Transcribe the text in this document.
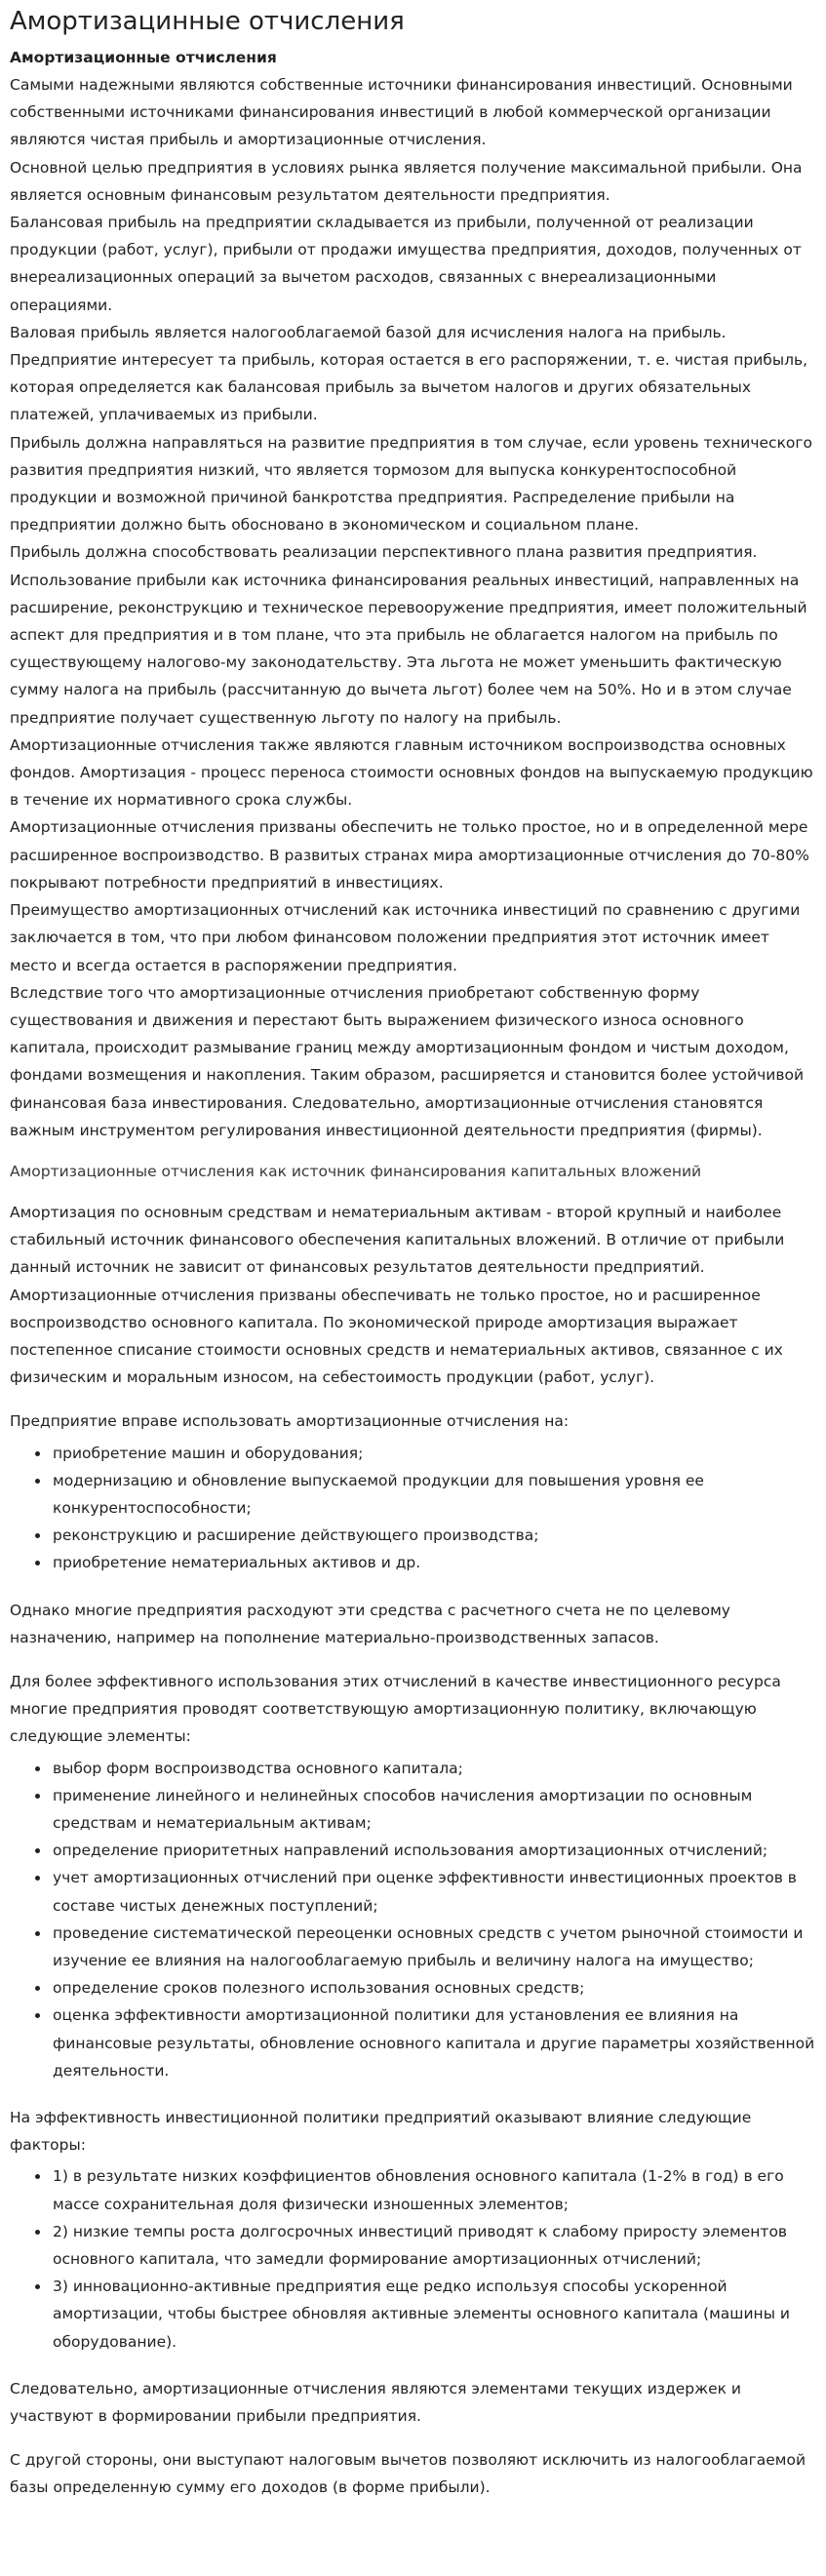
Амортизацинные отчисления
Амортизационные отчисления
Самыми надежными являются собственные источники финансирования инвестиций. Основными собственными источниками финансирования инвестиций в любой коммерческой организации являются чистая прибыль и амортизационные отчисления.
Основной целью предприятия в условиях рынка является получение максимальной прибыли. Она является основным финансовым результатом деятельности предприятия.
Балансовая прибыль на предприятии складывается из прибыли, полученной от реализации продукции (работ, услуг), прибыли от продажи имущества предприятия, доходов, полученных от внереализационных операций за вычетом расходов, связанных с внереализационными операциями.
Валовая прибыль является налогооблагаемой базой для исчисления налога на прибыль. Предприятие интересует та прибыль, которая остается в его распоряжении, т. е. чистая прибыль, которая определяется как балансовая прибыль за вычетом налогов и других обязательных платежей, уплачиваемых из прибыли.
Прибыль должна направляться на развитие предприятия в том случае, если уровень технического развития предприятия низкий, что является тормозом для выпуска конкурентоспособной продукции и возможной причиной банкротства предприятия. Распределение прибыли на предприятии должно быть обосновано в экономическом и социальном плане.
Прибыль должна способствовать реализации перспективного плана развития предприятия. Использование прибыли как источника финансирования реальных инвестиций, направленных на расширение, реконструкцию и техническое перевооружение предприятия, имеет положительный аспект для предприятия и в том плане, что эта прибыль не облагается налогом на прибыль по существующему налогово-му законодательству. Эта льгота не может уменьшить фактическую сумму налога на прибыль (рассчитанную до вычета льгот) более чем на 50%. Но и в этом случае предприятие получает существенную льготу по налогу на прибыль.
Амортизационные отчисления также являются главным источником воспроизводства основных фондов. Амортизация - процесс переноса стоимости основных фондов на выпускаемую продукцию в течение их нормативного срока службы.
Амортизационные отчисления призваны обеспечить не только простое, но и в определенной мере расширенное воспроизводство. В развитых странах мира амортизационные отчисления до 70-80% покрывают потребности предприятий в инвестициях.
Преимущество амортизационных отчислений как источника инвестиций по сравнению с другими заключается в том, что при любом финансовом положении предприятия этот источник имеет место и всегда остается в распоряжении предприятия.
Вследствие того что амортизационные отчисления приобретают собственную форму существования и движения и перестают быть выражением физического износа основного капитала, происходит размывание границ между амортизационным фондом и чистым доходом, фондами возмещения и накопления. Таким образом, расширяется и становится более устойчивой финансовая база инвестирования. Следовательно, амортизационные отчисления становятся важным инструментом регулирования инвестиционной деятельности предприятия (фирмы).
Амортизационные отчисления как источник финансирования капитальных вложений
Амортизация по основным средствам и нематериальным активам - второй крупный и наиболее стабильный источник финансового обеспечения капитальных вложений. В отличие от прибыли данный источник не зависит от финансовых результатов деятельности предприятий. Амортизационные отчисления призваны обеспечивать не только простое, но и расширенное воспроизводство основного капитала. По экономической природе амортизация выражает постепенное списание стоимости основных средств и нематериальных активов, связанное с их физическим и моральным износом, на себестоимость продукции (работ, услуг).
Предприятие вправе использовать амортизационные отчисления на:
• приобретение машин и оборудования;
• модернизацию и обновление выпускаемой продукции для повышения уровня ее конкурентоспособности;
• реконструкцию и расширение действующего производства;
• приобретение нематериальных активов и др.
Однако многие предприятия расходуют эти средства с расчетного счета не по целевому назначению, например на пополнение материально-производственных запасов.
Для более эффективного использования этих отчислений в качестве инвестиционного ресурса многие предприятия проводят соответствующую амортизационную политику, включающую следующие элементы:
• выбор форм воспроизводства основного капитала;
• применение линейного и нелинейных способов начисления амортизации по основным средствам и нематериальным активам;
• определение приоритетных направлений использования амортизационных отчислений;
• учет амортизационных отчислений при оценке эффективности инвестиционных проектов в составе чистых денежных поступлений;
• проведение систематической переоценки основных средств с учетом рыночной стоимости и изучение ее влияния на налогооблагаемую прибыль и величину налога на имущество;
• определение сроков полезного использования основных средств;
• оценка эффективности амортизационной политики для установления ее влияния на финансовые результаты, обновление основного капитала и другие параметры хозяйственной деятельности.
На эффективность инвестиционной политики предприятий оказывают влияние следующие факторы:
• 1) в результате низких коэффициентов обновления основного капитала (1-2% в год) в его массе сохранительная доля физически изношенных элементов;
• 2) низкие темпы роста долгосрочных инвестиций приводят к слабому приросту элементов основного капитала, что замедли формирование амортизационных отчислений;
• 3) инновационно-активные предприятия еще редко используя способы ускоренной амортизации, чтобы быстрее обновляя активные элементы основного капитала (машины и оборудование).
Следовательно, амортизационные отчисления являются элементами текущих издержек и участвуют в формировании прибыли предприятия.
С другой стороны, они выступают налоговым вычетов позволяют исключить из налогооблагаемой базы определенную сумму его доходов (в форме прибыли).
